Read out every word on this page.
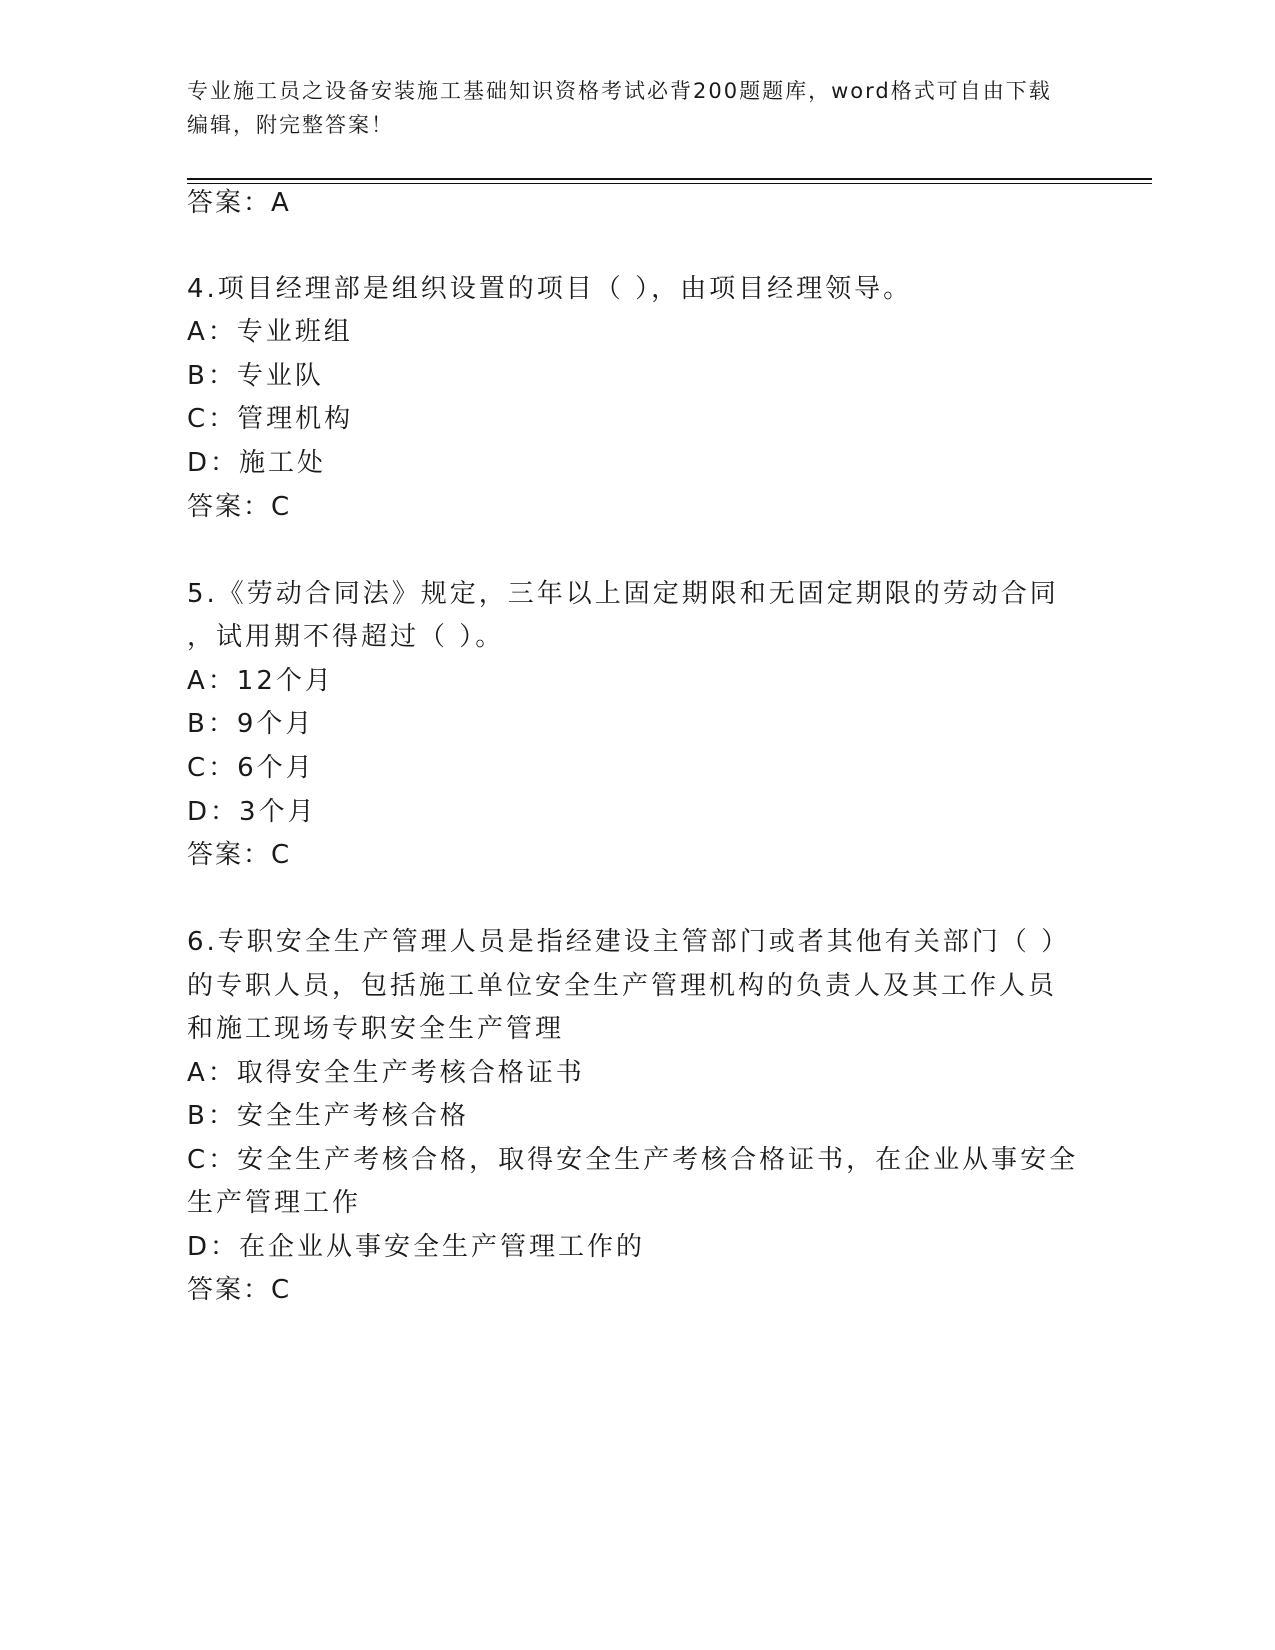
专业施工员之设备安装施工基础知识资格考试必背200题题库，word格式可自由下载编辑，附完整答案！
答案：A
4.项目经理部是组织设置的项目（ ），由项目经理领导。
A：专业班组
B：专业队
C：管理机构
D：施工处
答案：C
5.《劳动合同法》规定，三年以上固定期限和无固定期限的劳动合同
，试用期不得超过（ ）。
A：12个月
B：9个月
C：6个月
D：3个月
答案：C
6.专职安全生产管理人员是指经建设主管部门或者其他有关部门（ ）
的专职人员，包括施工单位安全生产管理机构的负责人及其工作人员
和施工现场专职安全生产管理
A：取得安全生产考核合格证书
B：安全生产考核合格
C：安全生产考核合格，取得安全生产考核合格证书，在企业从事安全
生产管理工作
D：在企业从事安全生产管理工作的
答案：C
